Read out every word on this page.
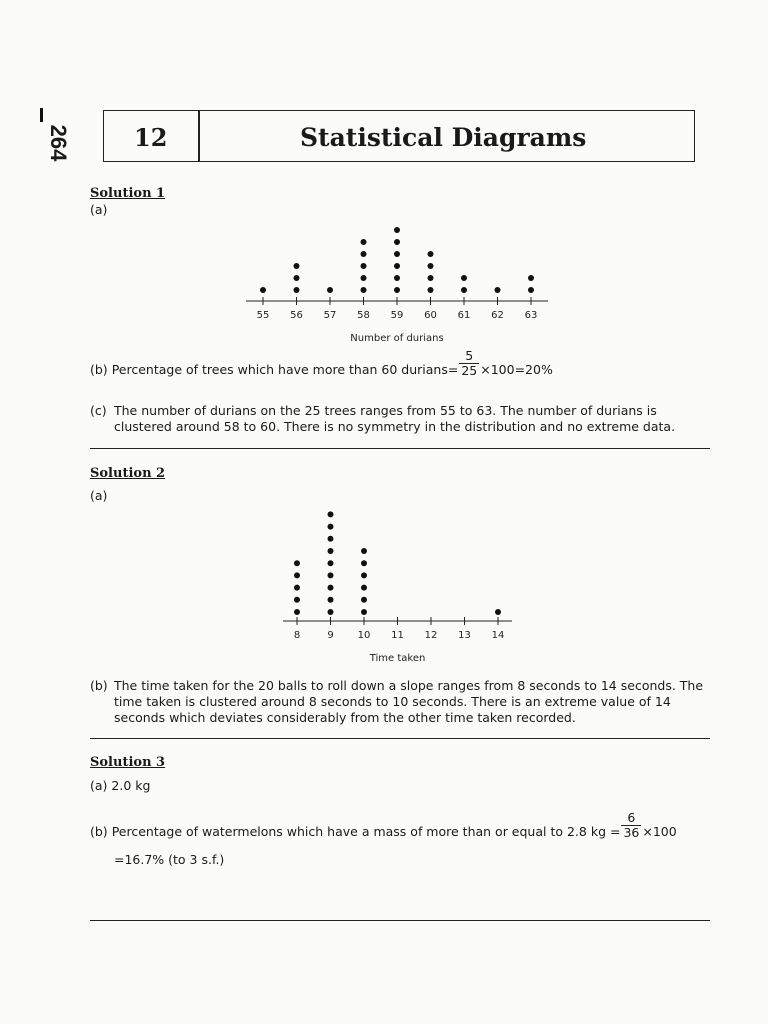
264	12	Statistical Diagrams
Solution 1
(a)
55 56 57 58 59 60 61 62 63
Number of durians
(b) Percentage of trees which have more than 60 durians= $\frac{5}{25} \times 100=20\%$
(c) The number of durians on the 25 trees ranges from 55 to 63. The number of durians is
clustered around 58 to 60. There is no symmetry in the distribution and no extreme data.
Solution 2
(a)
8	9 10 11 12 13 14
Time taken
(b) The time taken for the 20 balls to roll down a slope ranges from 8 seconds to 14 seconds. The
time taken is clustered around 8 seconds to 10 seconds. There is an extreme value of 14
seconds which deviates considerably from the other time taken recorded.
Solution 3
(a) 2.0 kg
(b) Percentage of watermelons which have a mass of more than or equal to 2.8 kg = $\frac{6}{36} \times 100$
=16.7% (to 3 s.f.)
